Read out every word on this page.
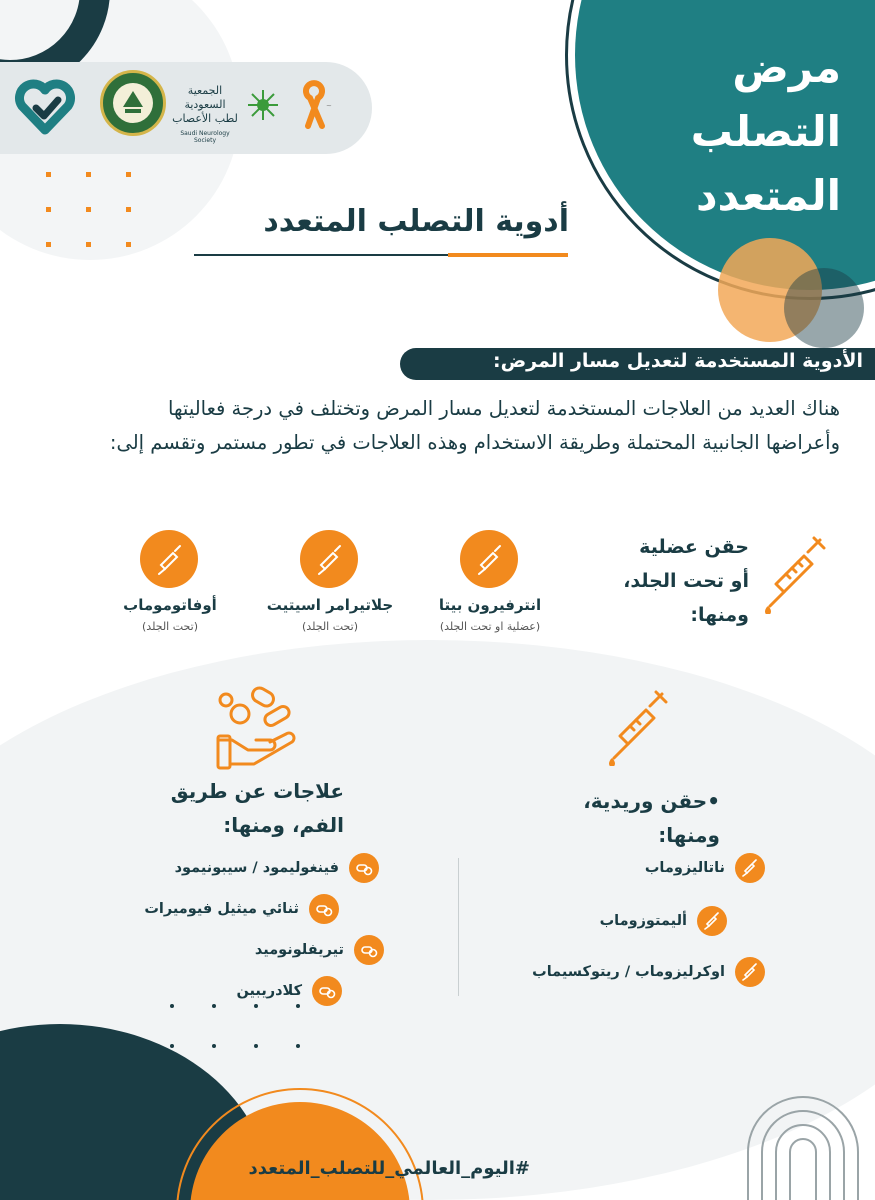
مرض
التصلب
المتعدد
الجمعية السعودية لطب الأعصاب
Saudi Neurology Society
~
أدوية التصلب المتعدد
الأدوية المستخدمة لتعديل مسار المرض:
هناك العديد من العلاجات المستخدمة لتعديل مسار المرض وتختلف في درجة فعاليتها وأعراضها الجانبية المحتملة وطريقة الاستخدام وهذه العلاجات في تطور مستمر وتقسم إلى:
حقن عضلية
أو تحت الجلد،
ومنها:
انترفيرون بيتا
(عضلية او تحت الجلد)
جلاتيرامر اسيتيت
(تحت الجلد)
أوفاتوموماب
(تحت الجلد)
علاجات عن طريق
الفم، ومنها:
فينغوليمود / سيبونيمود
ثنائي ميثيل فيوميرات
تيريفلونوميد
كلادريبين
•حقن وريدية،
ومنها:
ناتاليزوماب
أليمتوزوماب
اوكرليزوماب / ريتوكسيماب
#اليوم_العالمي_للتصلب_المتعدد
